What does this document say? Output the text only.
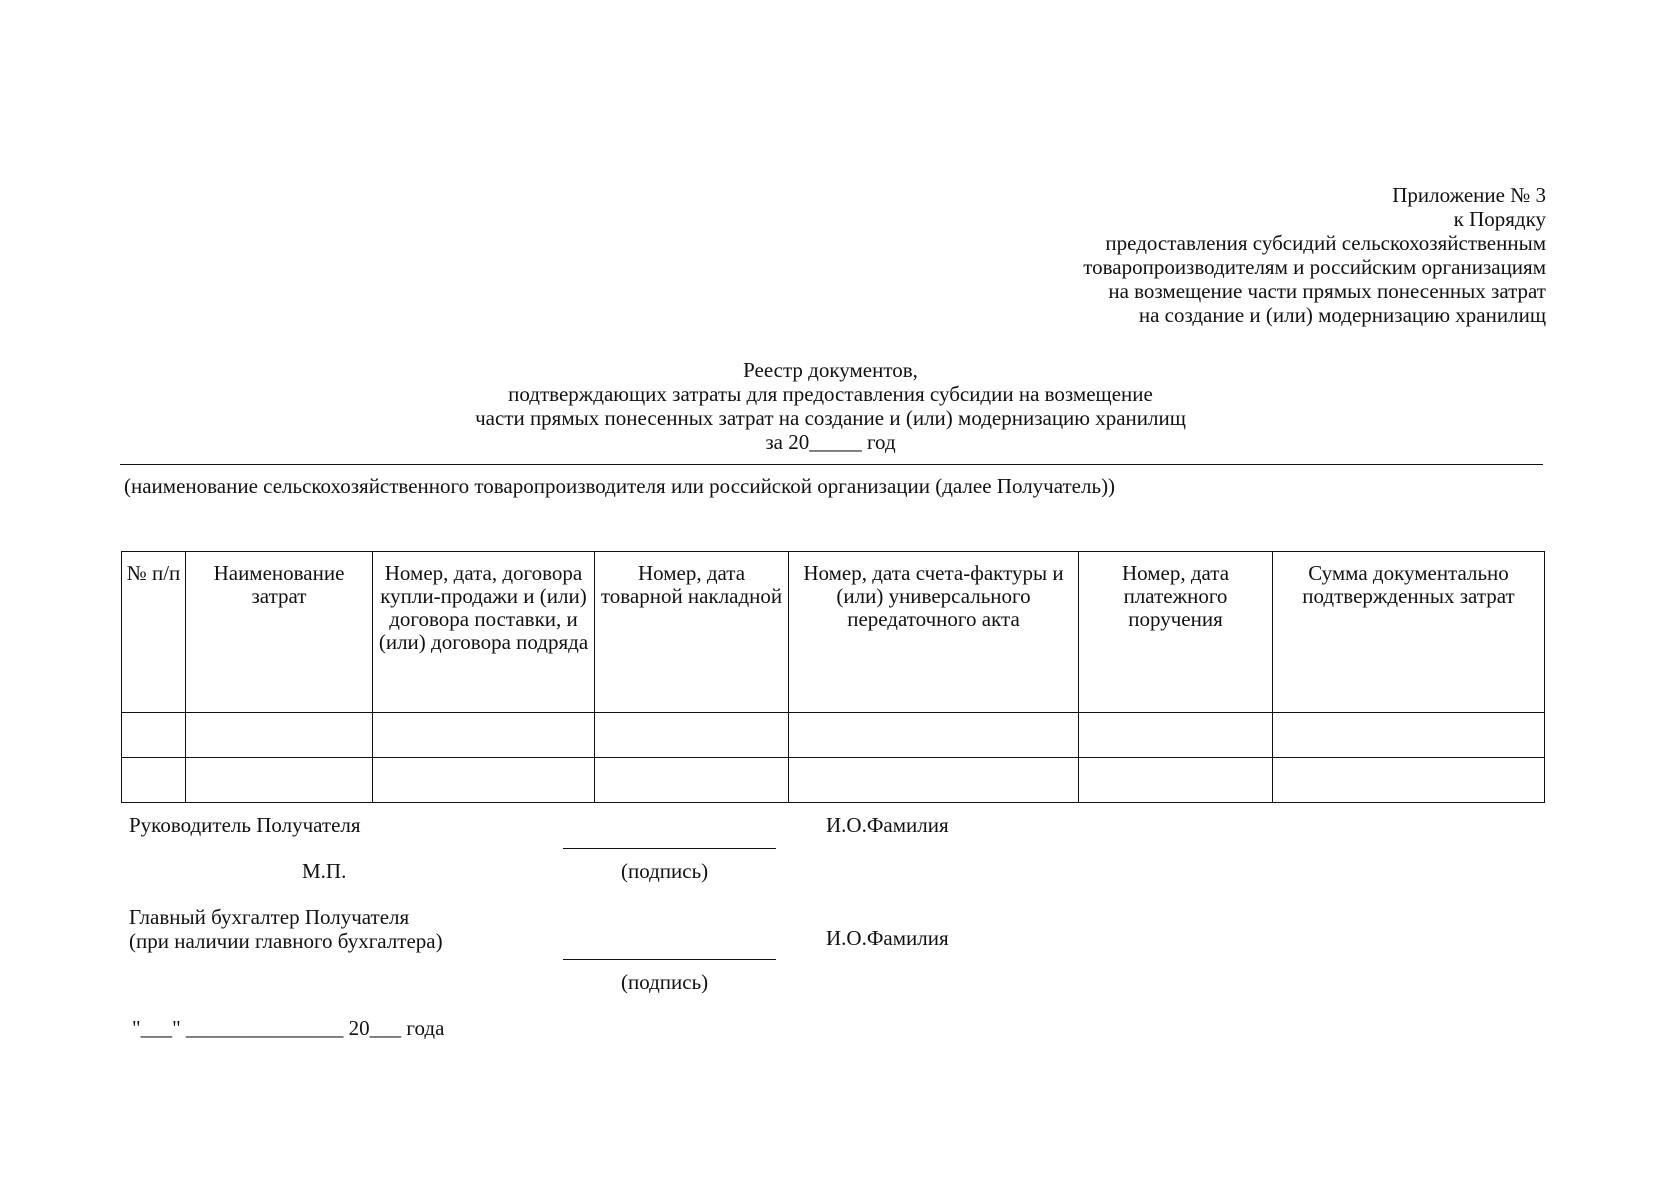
Приложение № 3
к Порядку
предоставления субсидий сельскохозяйственным
товаропроизводителям и российским организациям
на возмещение части прямых понесенных затрат
на создание и (или) модернизацию хранилищ
Реестр документов,
подтверждающих затраты для предоставления субсидии на возмещение
части прямых понесенных затрат на создание и (или) модернизацию хранилищ
за 20_____ год
(наименование сельскохозяйственного товаропроизводителя или российской организации (далее Получатель))
№ п/п	Наименование затрат	Номер, дата, договора купли-продажи и (или) договора поставки, и (или) договора подряда	Номер, дата товарной накладной	Номер, дата счета-фактуры и (или) универсального передаточного акта	Номер, дата платежного поручения	Сумма документально подтвержденных затрат

Руководитель Получателя	И.О.Фамилия
М.П.	(подпись)
Главный бухгалтер Получателя
(при наличии главного бухгалтера)	И.О.Фамилия
(подпись)
"___" _______________ 20___ года
